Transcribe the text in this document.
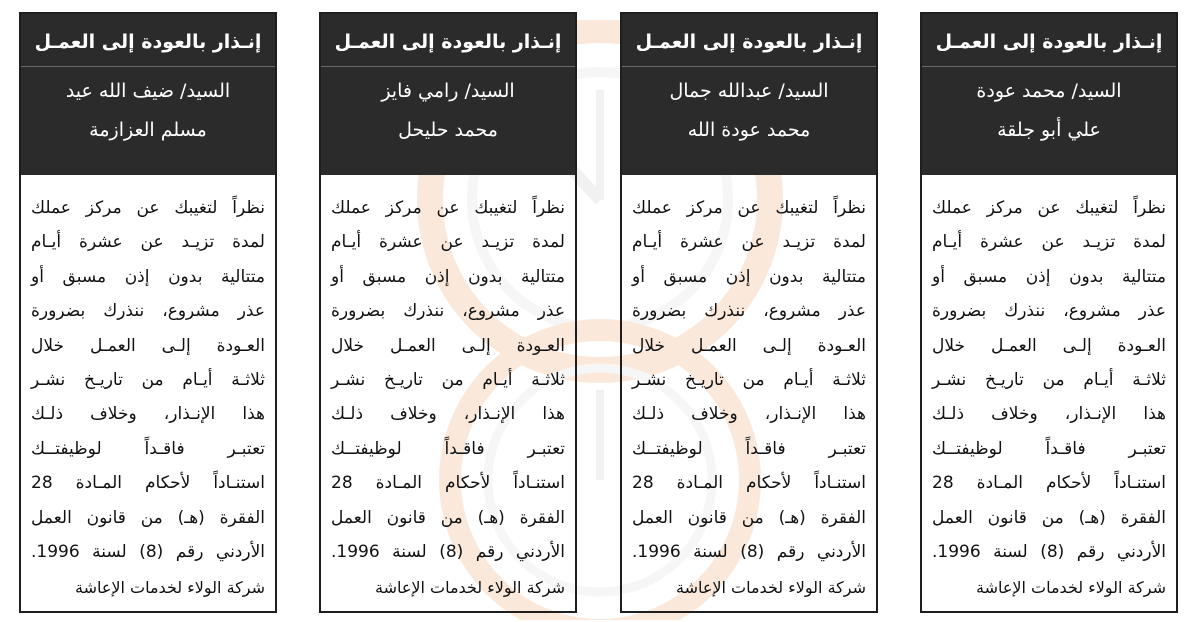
إنـذار بالعودة إلى العمـل
السيد/ محمد عودة
علي أبو جلقة
نظراً لتغيبك عن مركز عملك
لمدة تزيـد عن عشرة أيـام
متتالية بدون إذن مسبق أو
عذر مشروع، ننذرك بضرورة
العـودة إلـى العمـل خلال
ثلاثـة أيـام من تاريـخ نشـر
هذا الإنـذار، وخلاف ذلـك
تعتبـر فاقـداً لوظيفتــك
استنـاداً لأحكام المـادة 28
الفقرة (هـ) من قانون العمل
الأردني رقم (8) لسنة 1996.
شركة الولاء لخدمات الإعاشة
إنـذار بالعودة إلى العمـل
السيد/ عبدالله جمال
محمد عودة الله
نظراً لتغيبك عن مركز عملك
لمدة تزيـد عن عشرة أيـام
متتالية بدون إذن مسبق أو
عذر مشروع، ننذرك بضرورة
العـودة إلـى العمـل خلال
ثلاثـة أيـام من تاريـخ نشـر
هذا الإنـذار، وخلاف ذلـك
تعتبـر فاقـداً لوظيفتــك
استنـاداً لأحكام المـادة 28
الفقرة (هـ) من قانون العمل
الأردني رقم (8) لسنة 1996.
شركة الولاء لخدمات الإعاشة
إنـذار بالعودة إلى العمـل
السيد/ رامي فايز
محمد حليحل
نظراً لتغيبك عن مركز عملك
لمدة تزيـد عن عشرة أيـام
متتالية بدون إذن مسبق أو
عذر مشروع، ننذرك بضرورة
العـودة إلـى العمـل خلال
ثلاثـة أيـام من تاريـخ نشـر
هذا الإنـذار، وخلاف ذلـك
تعتبـر فاقـداً لوظيفتــك
استنـاداً لأحكام المـادة 28
الفقرة (هـ) من قانون العمل
الأردني رقم (8) لسنة 1996.
شركة الولاء لخدمات الإعاشة
إنـذار بالعودة إلى العمـل
السيد/ ضيف الله عيد
مسلم العزازمة
نظراً لتغيبك عن مركز عملك
لمدة تزيـد عن عشرة أيـام
متتالية بدون إذن مسبق أو
عذر مشروع، ننذرك بضرورة
العـودة إلـى العمـل خلال
ثلاثـة أيـام من تاريـخ نشـر
هذا الإنـذار، وخلاف ذلـك
تعتبـر فاقـداً لوظيفتــك
استنـاداً لأحكام المـادة 28
الفقرة (هـ) من قانون العمل
الأردني رقم (8) لسنة 1996.
شركة الولاء لخدمات الإعاشة
